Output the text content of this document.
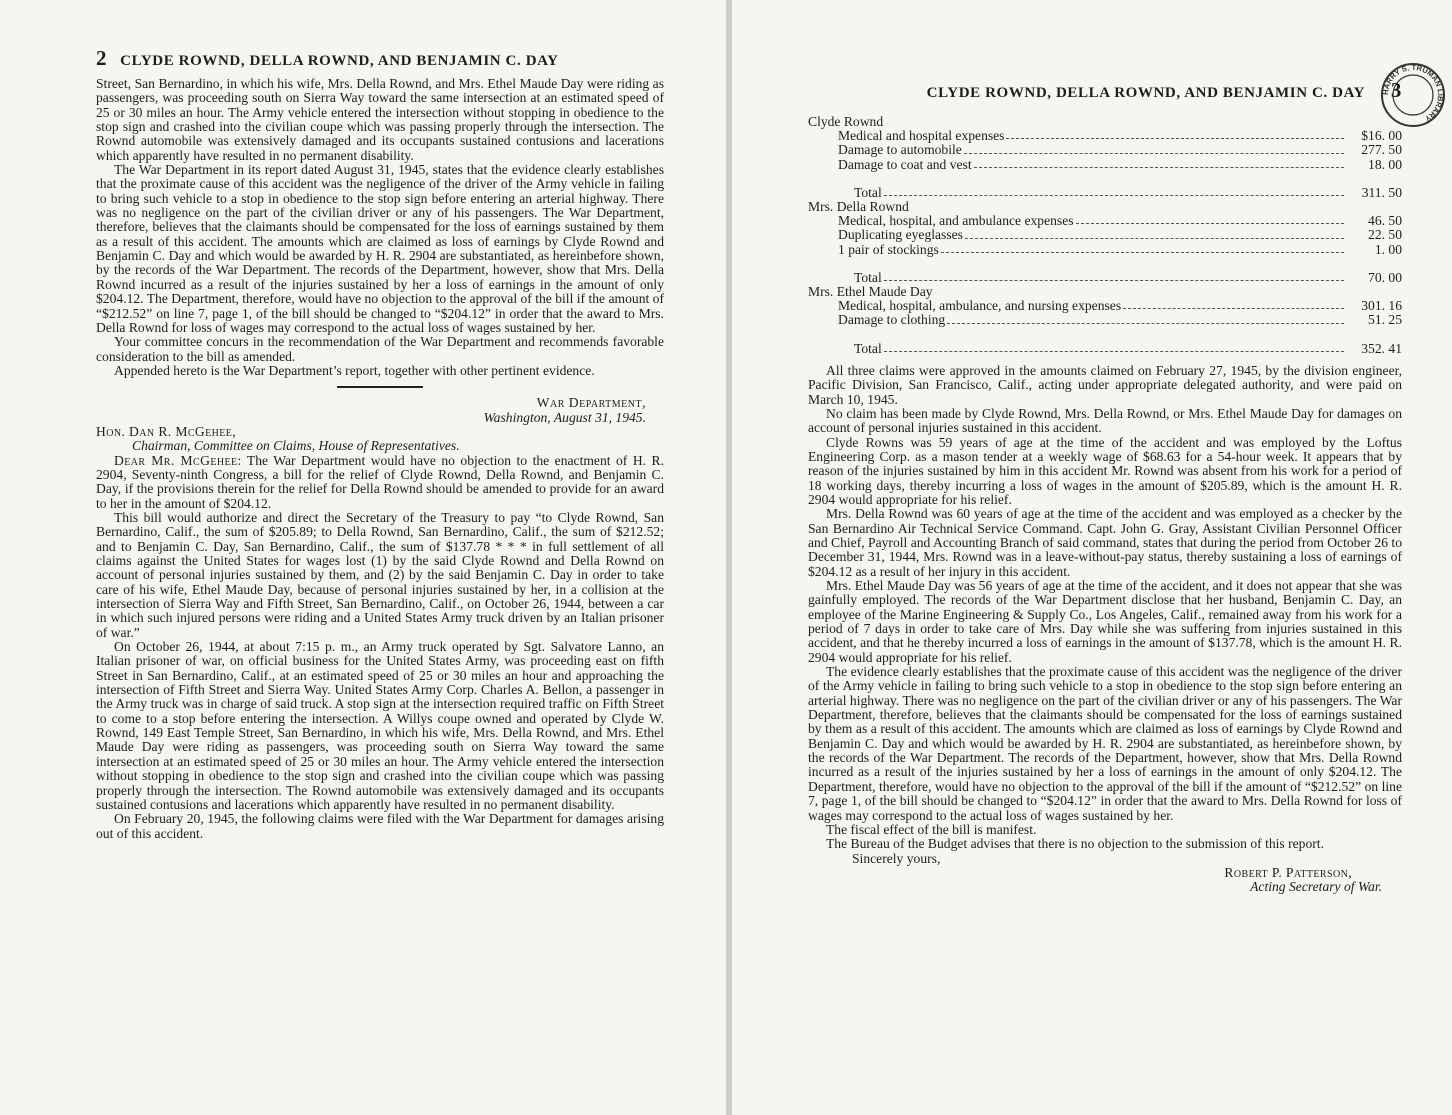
2 CLYDE ROWND, DELLA ROWND, AND BENJAMIN C. DAY

Street, San Bernardino, in which his wife, Mrs. Della Rownd, and Mrs. Ethel Maude Day were riding as passengers, was proceeding south on Sierra Way toward the same intersection at an estimated speed of 25 or 30 miles an hour. The Army vehicle entered the intersection without stopping in obedience to the stop sign and crashed into the civilian coupe which was passing properly through the intersection. The Rownd automobile was extensively damaged and its occupants sustained contusions and lacerations which apparently have resulted in no permanent disability.

The War Department in its report dated August 31, 1945, states that the evidence clearly establishes that the proximate cause of this accident was the negligence of the driver of the Army vehicle in failing to bring such vehicle to a stop in obedience to the stop sign before entering an arterial highway. There was no negligence on the part of the civilian driver or any of his passengers. The War Department, therefore, believes that the claimants should be compensated for the loss of earnings sustained by them as a result of this accident. The amounts which are claimed as loss of earnings by Clyde Rownd and Benjamin C. Day and which would be awarded by H. R. 2904 are substantiated, as hereinbefore shown, by the records of the War Department. The records of the Department, however, show that Mrs. Della Rownd incurred as a result of the injuries sustained by her a loss of earnings in the amount of only $204.12. The Department, therefore, would have no objection to the approval of the bill if the amount of “$212.52” on line 7, page 1, of the bill should be changed to “$204.12” in order that the award to Mrs. Della Rownd for loss of wages may correspond to the actual loss of wages sustained by her.

Your committee concurs in the recommendation of the War Department and recommends favorable consideration to the bill as amended.

Appended hereto is the War Department’s report, together with other pertinent evidence.

War Department,
Washington, August 31, 1945.
Hon. Dan R. McGehee,
Chairman, Committee on Claims, House of Representatives.

Dear Mr. McGehee: The War Department would have no objection to the enactment of H. R. 2904, Seventy-ninth Congress, a bill for the relief of Clyde Rownd, Della Rownd, and Benjamin C. Day, if the provisions therein for the relief for Della Rownd should be amended to provide for an award to her in the amount of $204.12.

This bill would authorize and direct the Secretary of the Treasury to pay “to Clyde Rownd, San Bernardino, Calif., the sum of $205.89; to Della Rownd, San Bernardino, Calif., the sum of $212.52; and to Benjamin C. Day, San Bernardino, Calif., the sum of $137.78 * * * in full settlement of all claims against the United States for wages lost (1) by the said Clyde Rownd and Della Rownd on account of personal injuries sustained by them, and (2) by the said Benjamin C. Day in order to take care of his wife, Ethel Maude Day, because of personal injuries sustained by her, in a collision at the intersection of Sierra Way and Fifth Street, San Bernardino, Calif., on October 26, 1944, between a car in which such injured persons were riding and a United States Army truck driven by an Italian prisoner of war.”

On October 26, 1944, at about 7:15 p. m., an Army truck operated by Sgt. Salvatore Lanno, an Italian prisoner of war, on official business for the United States Army, was proceeding east on fifth Street in San Bernardino, Calif., at an estimated speed of 25 or 30 miles an hour and approaching the intersection of Fifth Street and Sierra Way. United States Army Corp. Charles A. Bellon, a passenger in the Army truck was in charge of said truck. A stop sign at the intersection required traffic on Fifth Street to come to a stop before entering the intersection. A Willys coupe owned and operated by Clyde W. Rownd, 149 East Temple Street, San Bernardino, in which his wife, Mrs. Della Rownd, and Mrs. Ethel Maude Day were riding as passengers, was proceeding south on Sierra Way toward the same intersection at an estimated speed of 25 or 30 miles an hour. The Army vehicle entered the intersection without stopping in obedience to the stop sign and crashed into the civilian coupe which was passing properly through the intersection. The Rownd automobile was extensively damaged and its occupants sustained contusions and lacerations which apparently have resulted in no permanent disability.

On February 20, 1945, the following claims were filed with the War Department for damages arising out of this accident.

HARRY S. TRUMAN LIBRARY
CLYDE ROWND, DELLA ROWND, AND BENJAMIN C. DAY 3
Clyde Rownd
Medical and hospital expenses	$16. 00
Damage to automobile	277. 50
Damage to coat and vest	18. 00
Total	311. 50
Mrs. Della Rownd
Medical, hospital, and ambulance expenses	46. 50
Duplicating eyeglasses	22. 50
1 pair of stockings	1. 00
Total	70. 00
Mrs. Ethel Maude Day
Medical, hospital, ambulance, and nursing expenses	301. 16
Damage to clothing	51. 25
Total	352. 41

All three claims were approved in the amounts claimed on February 27, 1945, by the division engineer, Pacific Division, San Francisco, Calif., acting under appropriate delegated authority, and were paid on March 10, 1945.

No claim has been made by Clyde Rownd, Mrs. Della Rownd, or Mrs. Ethel Maude Day for damages on account of personal injuries sustained in this accident.

Clyde Rowns was 59 years of age at the time of the accident and was employed by the Loftus Engineering Corp. as a mason tender at a weekly wage of $68.63 for a 54-hour week. It appears that by reason of the injuries sustained by him in this accident Mr. Rownd was absent from his work for a period of 18 working days, thereby incurring a loss of wages in the amount of $205.89, which is the amount H. R. 2904 would appropriate for his relief.

Mrs. Della Rownd was 60 years of age at the time of the accident and was employed as a checker by the San Bernardino Air Technical Service Command. Capt. John G. Gray, Assistant Civilian Personnel Officer and Chief, Payroll and Accounting Branch of said command, states that during the period from October 26 to December 31, 1944, Mrs. Rownd was in a leave-without-pay status, thereby sustaining a loss of earnings of $204.12 as a result of her injury in this accident.

Mrs. Ethel Maude Day was 56 years of age at the time of the accident, and it does not appear that she was gainfully employed. The records of the War Department disclose that her husband, Benjamin C. Day, an employee of the Marine Engineering & Supply Co., Los Angeles, Calif., remained away from his work for a period of 7 days in order to take care of Mrs. Day while she was suffering from injuries sustained in this accident, and that he thereby incurred a loss of earnings in the amount of $137.78, which is the amount H. R. 2904 would appropriate for his relief.

The evidence clearly establishes that the proximate cause of this accident was the negligence of the driver of the Army vehicle in failing to bring such vehicle to a stop in obedience to the stop sign before entering an arterial highway. There was no negligence on the part of the civilian driver or any of his passengers. The War Department, therefore, believes that the claimants should be compensated for the loss of earnings sustained by them as a result of this accident. The amounts which are claimed as loss of earnings by Clyde Rownd and Benjamin C. Day and which would be awarded by H. R. 2904 are substantiated, as hereinbefore shown, by the records of the War Department. The records of the Department, however, show that Mrs. Della Rownd incurred as a result of the injuries sustained by her a loss of earnings in the amount of only $204.12. The Department, therefore, would have no objection to the approval of the bill if the amount of “$212.52” on line 7, page 1, of the bill should be changed to “$204.12” in order that the award to Mrs. Della Rownd for loss of wages may correspond to the actual loss of wages sustained by her.

The fiscal effect of the bill is manifest.

The Bureau of the Budget advises that there is no objection to the submission of this report.

Sincerely yours,
Robert P. Patterson,
Acting Secretary of War.
